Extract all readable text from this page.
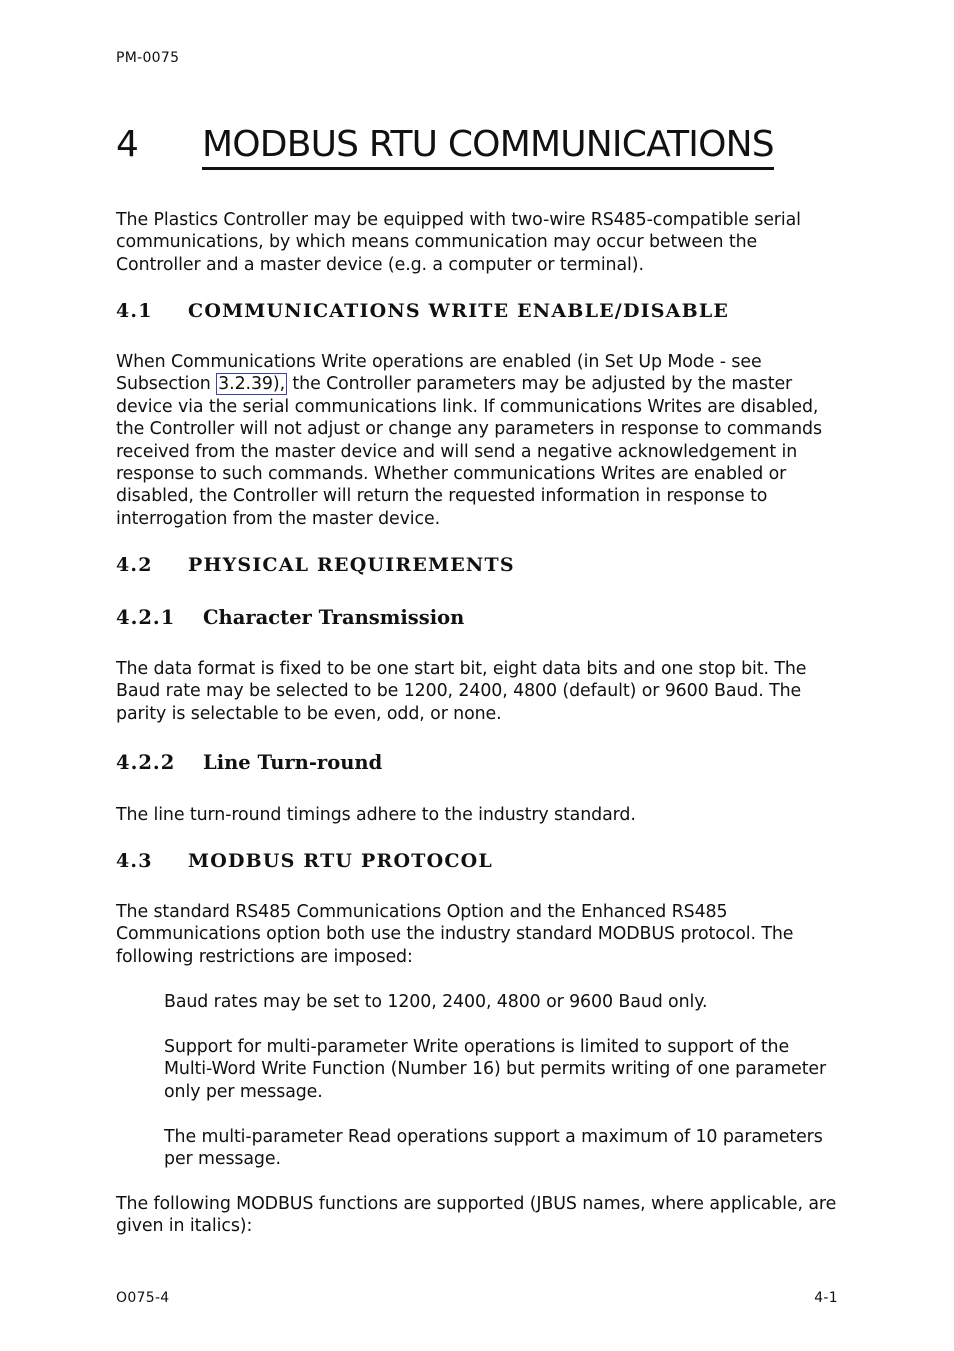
PM-0075
4 MODBUS RTU COMMUNICATIONS
The Plastics Controller may be equipped with two-wire RS485-compatible serial communications, by which means communication may occur between the Controller and a master device (e.g. a computer or terminal).
4.1 COMMUNICATIONS WRITE ENABLE/DISABLE
When Communications Write operations are enabled (in Set Up Mode - see Subsection 3.2.39), the Controller parameters may be adjusted by the master device via the serial communications link. If communications Writes are disabled, the Controller will not adjust or change any parameters in response to commands received from the master device and will send a negative acknowledgement in response to such commands. Whether communications Writes are enabled or disabled, the Controller will return the requested information in response to interrogation from the master device.
4.2 PHYSICAL REQUIREMENTS
4.2.1 Character Transmission
The data format is fixed to be one start bit, eight data bits and one stop bit. The Baud rate may be selected to be 1200, 2400, 4800 (default) or 9600 Baud. The parity is selectable to be even, odd, or none.
4.2.2 Line Turn-round
The line turn-round timings adhere to the industry standard.
4.3 MODBUS RTU PROTOCOL
The standard RS485 Communications Option and the Enhanced RS485 Communications option both use the industry standard MODBUS protocol. The following restrictions are imposed:
Baud rates may be set to 1200, 2400, 4800 or 9600 Baud only.
Support for multi-parameter Write operations is limited to support of the Multi-Word Write Function (Number 16) but permits writing of one parameter only per message.
The multi-parameter Read operations support a maximum of 10 parameters per message.
The following MODBUS functions are supported (JBUS names, where applicable, are given in italics):
O075-4	4-1
